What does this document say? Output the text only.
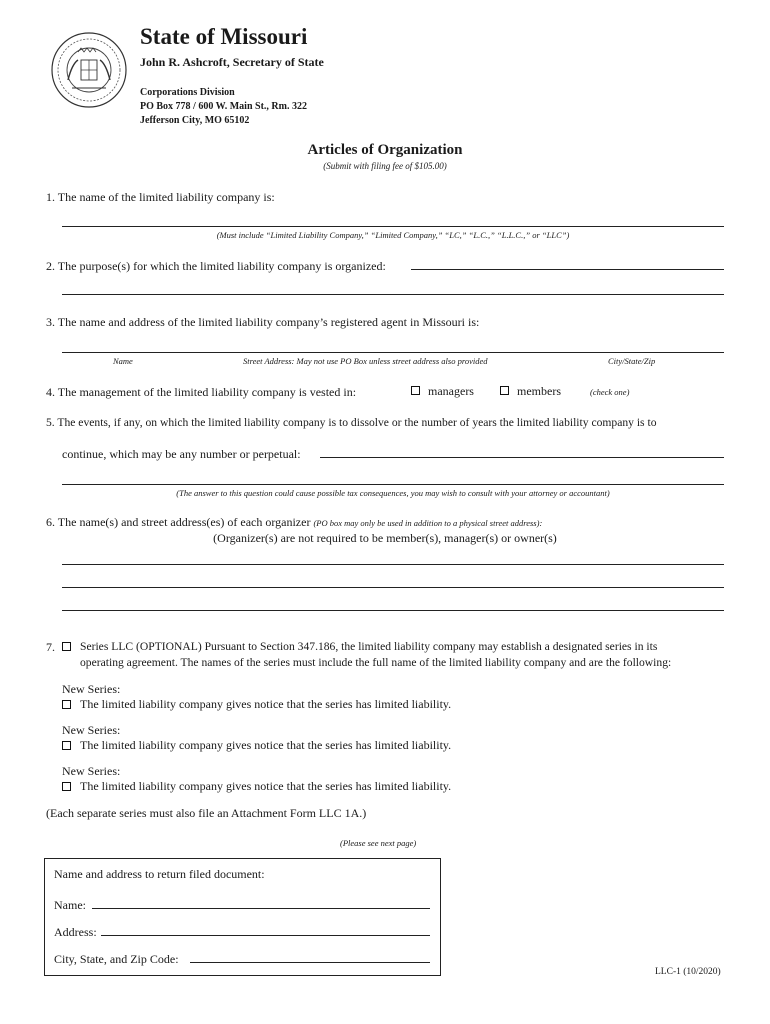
State of Missouri
John R. Ashcroft, Secretary of State
Corporations Division
PO Box 778 / 600 W. Main St., Rm. 322
Jefferson City, MO 65102
Articles of Organization
(Submit with filing fee of $105.00)
1. The name of the limited liability company is:
(Must include “Limited Liability Company,” “Limited Company,” “LC,” “L.C.,” “L.L.C.,” or “LLC”)
2. The purpose(s) for which the limited liability company is organized:
3. The name and address of the limited liability company’s registered agent in Missouri is:
Name	Street Address: May not use PO Box unless street address also provided	City/State/Zip
4. The management of the limited liability company is vested in:	managers	members	(check one)
5. The events, if any, on which the limited liability company is to dissolve or the number of years the limited liability company is to
continue, which may be any number or perpetual:
(The answer to this question could cause possible tax consequences, you may wish to consult with your attorney or accountant)
6. The name(s) and street address(es) of each organizer (PO box may only be used in addition to a physical street address):
(Organizer(s) are not required to be member(s), manager(s) or owner(s)
7. Series LLC (OPTIONAL) Pursuant to Section 347.186, the limited liability company may establish a designated series in its
operating agreement. The names of the series must include the full name of the limited liability company and are the following:
New Series:
The limited liability company gives notice that the series has limited liability.
New Series:
The limited liability company gives notice that the series has limited liability.
New Series:
The limited liability company gives notice that the series has limited liability.
(Each separate series must also file an Attachment Form LLC 1A.)
(Please see next page)
Name and address to return filed document:
Name:
Address:
City, State, and Zip Code:
LLC-1 (10/2020)
